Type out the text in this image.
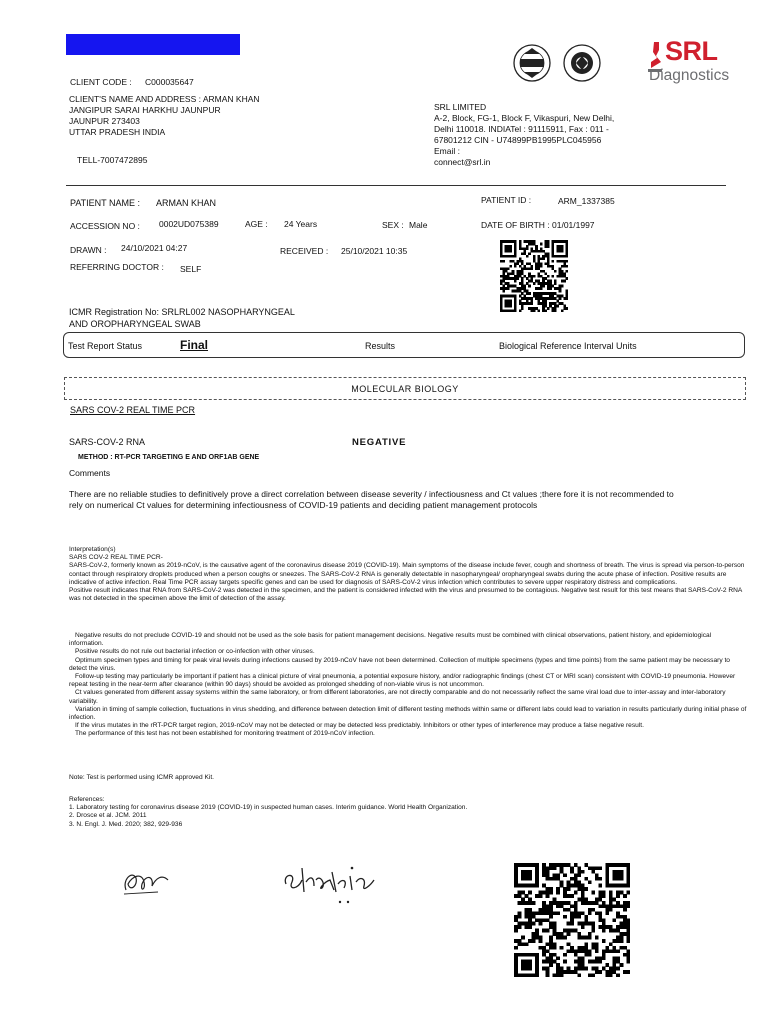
SRL
Diagnostics
CLIENT CODE : C000035647
CLIENT'S NAME AND ADDRESS : ARMAN KHAN
JANGIPUR SARAI HARKHU JAUNPUR
JAUNPUR 273403
UTTAR PRADESH INDIA
TELL-7007472895
SRL LIMITED
A-2, Block, FG-1, Block F, Vikaspuri, New Delhi,
Delhi 110018. INDIATel : 91115911, Fax : 011 -
67801212 CIN - U74899PB1995PLC045956
Email :
connect@srl.in
PATIENT NAME : ARMAN KHAN	PATIENT ID :	ARM_1337385
ACCESSION NO : 0002UD075389	AGE : 24 Years	SEX : Male	DATE OF BIRTH : 01/01/1997
DRAWN : 24/10/2021 04:27	RECEIVED : 25/10/2021 10:35
REFERRING DOCTOR : SELF
ICMR Registration No: SRLRL002 NASOPHARYNGEAL
AND OROPHARYNGEAL SWAB
Test Report Status	Final	Results	Biological Reference Interval Units
MOLECULAR BIOLOGY
SARS COV-2 REAL TIME PCR
SARS-COV-2 RNA	NEGATIVE
METHOD : RT-PCR TARGETING E AND ORF1AB GENE
Comments
There are no reliable studies to definitively prove a direct correlation between disease severity / infectiousness and Ct values ;there fore it is not recommended to rely on numerical Ct values for determining infectiousness of COVID-19 patients and deciding patient management protocols

Interpretation(s)

SARS COV-2 REAL TIME PCR-

SARS-CoV-2, formerly known as 2019-nCoV, is the causative agent of the coronavirus disease 2019 (COVID-19). Main symptoms of the disease include fever, cough and shortness of breath. The virus is spread via person-to-person contact through respiratory droplets produced when a person coughs or sneezes. The SARS-CoV-2 RNA is generally detectable in nasopharyngeal/ oropharyngeal swabs during the acute phase of infection. Positive results are indicative of active infection. Real Time PCR assay targets specific genes and can be used for diagnosis of SARS-CoV-2 virus infection which contributes to severe upper respiratory distress and complications.

Positive result indicates that RNA from SARS-CoV-2 was detected in the specimen, and the patient is considered infected with the virus and presumed to be contagious. Negative test result for this test means that SARS-CoV-2 RNA was not detected in the specimen above the limit of detection of the assay.

Negative results do not preclude COVID-19 and should not be used as the sole basis for patient management decisions. Negative results must be combined with clinical observations, patient history, and epidemiological information.

Positive results do not rule out bacterial infection or co-infection with other viruses.

Optimum specimen types and timing for peak viral levels during infections caused by 2019-nCoV have not been determined. Collection of multiple specimens (types and time points) from the same patient may be necessary to detect the virus.

Follow-up testing may particularly be important if patient has a clinical picture of viral pneumonia, a potential exposure history, and/or radiographic findings (chest CT or MRI scan) consistent with COVID-19 pneumonia. However repeat testing in the near-term after clearance (within 90 days) should be avoided as prolonged shedding of non-viable virus is not uncommon.

Ct values generated from different assay systems within the same laboratory, or from different laboratories, are not directly comparable and do not necessarily reflect the same viral load due to inter-assay and inter-laboratory variability.

Variation in timing of sample collection, fluctuations in virus shedding, and difference between detection limit of different testing methods within same or different labs could lead to variation in results particularly during initial phase of infection.

If the virus mutates in the rRT-PCR target region, 2019-nCoV may not be detected or may be detected less predictably. Inhibitors or other types of interference may produce a false negative result.

The performance of this test has not been established for monitoring treatment of 2019-nCoV infection.

Note: Test is performed using ICMR approved Kit.

References:

1. Laboratory testing for coronavirus disease 2019 (COVID-19) in suspected human cases. Interim guidance. World Health Organization.

2. Drosce et al. JCM. 2011

3. N. Engl. J. Med. 2020; 382, 929-936
